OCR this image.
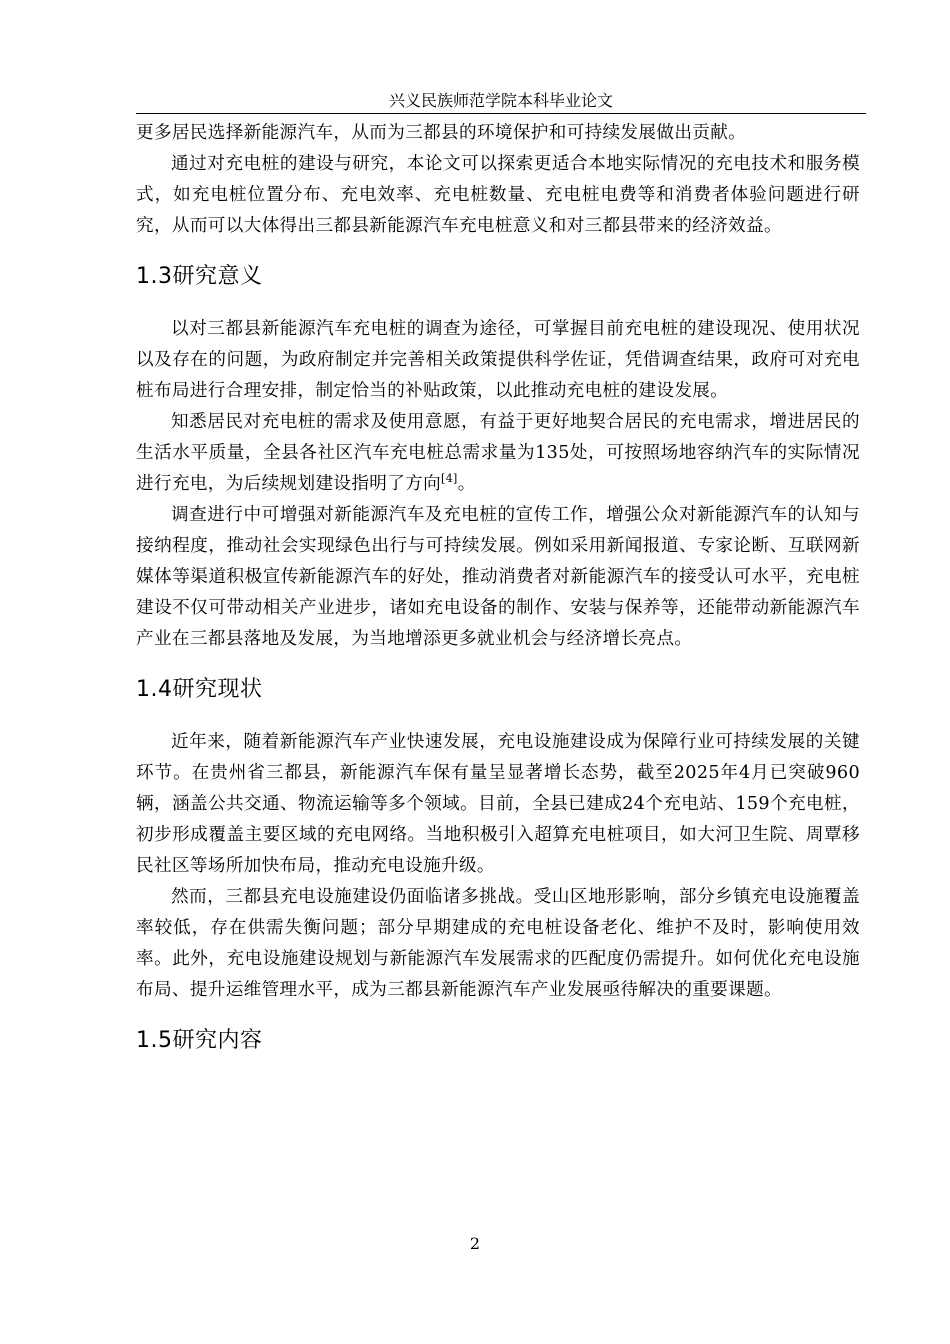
兴义民族师范学院本科毕业论文

更多居民选择新能源汽车，从而为三都县的环境保护和可持续发展做出贡献。

通过对充电桩的建设与研究，本论文可以探索更适合本地实际情况的充电技术和服务模式，如充电桩位置分布、充电效率、充电桩数量、充电桩电费等和消费者体验问题进行研究，从而可以大体得出三都县新能源汽车充电桩意义和对三都县带来的经济效益。

1.3研究意义

以对三都县新能源汽车充电桩的调查为途径，可掌握目前充电桩的建设现况、使用状况以及存在的问题，为政府制定并完善相关政策提供科学佐证，凭借调查结果，政府可对充电桩布局进行合理安排，制定恰当的补贴政策，以此推动充电桩的建设发展。

知悉居民对充电桩的需求及使用意愿，有益于更好地契合居民的充电需求，增进居民的生活水平质量，全县各社区汽车充电桩总需求量为135处，可按照场地容纳汽车的实际情况进行充电，为后续规划建设指明了方向[4]。

调查进行中可增强对新能源汽车及充电桩的宣传工作，增强公众对新能源汽车的认知与接纳程度，推动社会实现绿色出行与可持续发展。例如采用新闻报道、专家论断、互联网新媒体等渠道积极宣传新能源汽车的好处，推动消费者对新能源汽车的接受认可水平，充电桩建设不仅可带动相关产业进步，诸如充电设备的制作、安装与保养等，还能带动新能源汽车产业在三都县落地及发展，为当地增添更多就业机会与经济增长亮点。

1.4研究现状

近年来，随着新能源汽车产业快速发展，充电设施建设成为保障行业可持续发展的关键环节。在贵州省三都县，新能源汽车保有量呈显著增长态势，截至2025年4月已突破960辆，涵盖公共交通、物流运输等多个领域。目前，全县已建成24个充电站、159个充电桩，初步形成覆盖主要区域的充电网络。当地积极引入超算充电桩项目，如大河卫生院、周覃移民社区等场所加快布局，推动充电设施升级。

然而，三都县充电设施建设仍面临诸多挑战。受山区地形影响，部分乡镇充电设施覆盖率较低，存在供需失衡问题；部分早期建成的充电桩设备老化、维护不及时，影响使用效率。此外，充电设施建设规划与新能源汽车发展需求的匹配度仍需提升。如何优化充电设施布局、提升运维管理水平，成为三都县新能源汽车产业发展亟待解决的重要课题。

1.5研究内容
2
